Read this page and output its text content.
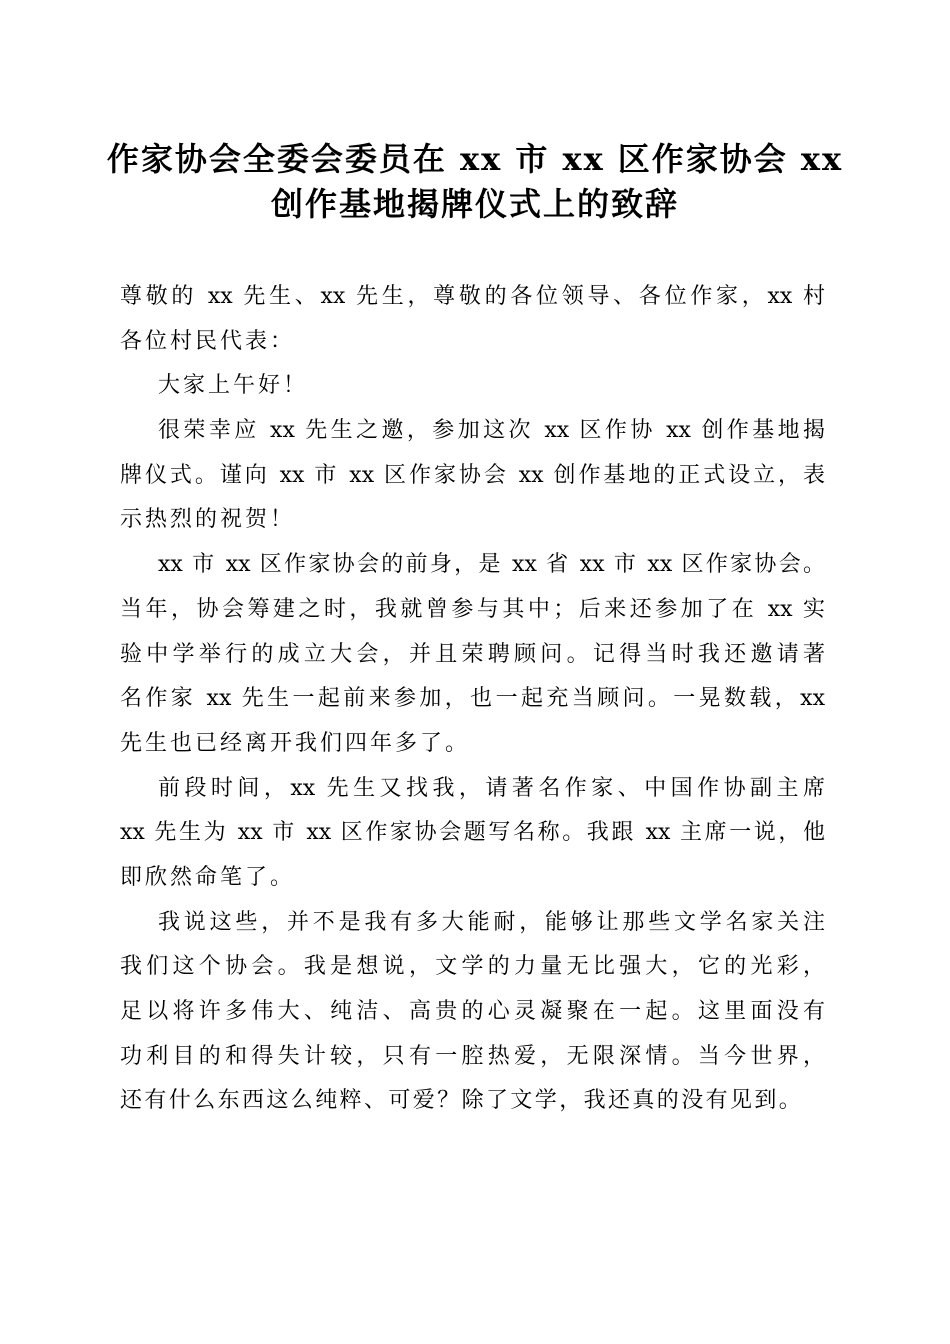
作家协会全委会委员在 xx 市 xx 区作家协会 xx
创作基地揭牌仪式上的致辞
尊敬的 xx 先生、xx 先生，尊敬的各位领导、各位作家，xx 村
各位村民代表：
大家上午好！
很荣幸应 xx 先生之邀，参加这次 xx 区作协 xx 创作基地揭
牌仪式。谨向 xx 市 xx 区作家协会 xx 创作基地的正式设立，表
示热烈的祝贺！
xx 市 xx 区作家协会的前身，是 xx 省 xx 市 xx 区作家协会。
当年，协会筹建之时，我就曾参与其中；后来还参加了在 xx 实
验中学举行的成立大会，并且荣聘顾问。记得当时我还邀请著
名作家 xx 先生一起前来参加，也一起充当顾问。一晃数载，xx
先生也已经离开我们四年多了。
前段时间，xx 先生又找我，请著名作家、中国作协副主席
xx 先生为 xx 市 xx 区作家协会题写名称。我跟 xx 主席一说，他
即欣然命笔了。
我说这些，并不是我有多大能耐，能够让那些文学名家关注
我们这个协会。我是想说，文学的力量无比强大，它的光彩，
足以将许多伟大、纯洁、高贵的心灵凝聚在一起。这里面没有
功利目的和得失计较，只有一腔热爱，无限深情。当今世界，
还有什么东西这么纯粹、可爱？除了文学，我还真的没有见到。
